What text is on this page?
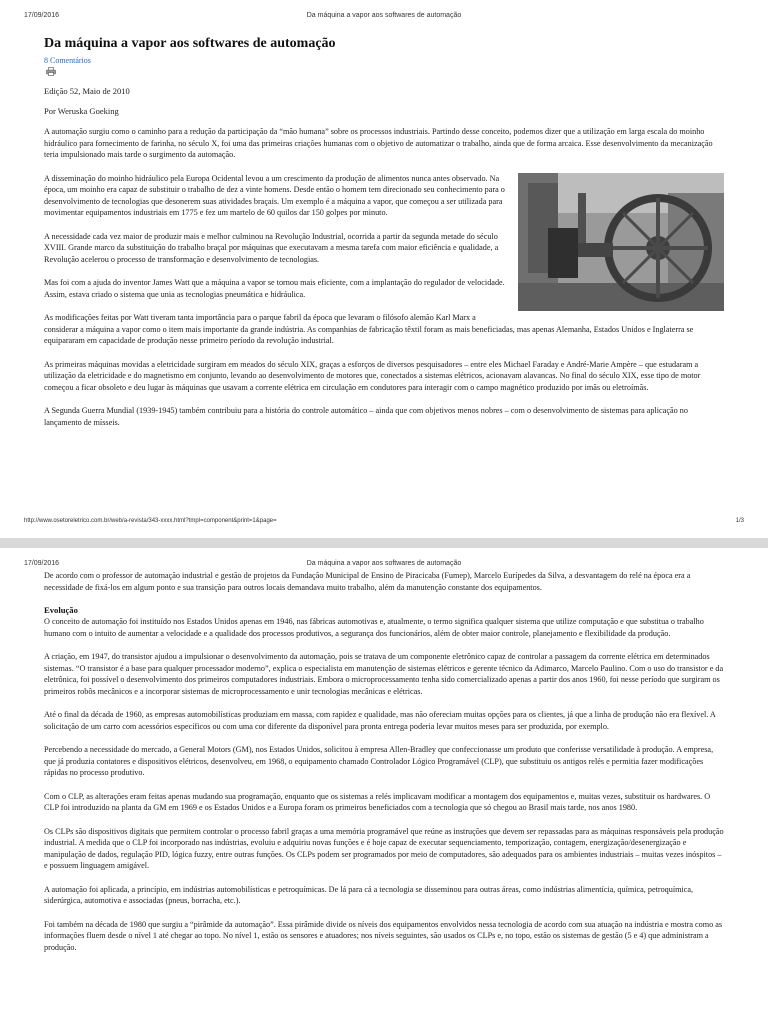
17/09/2016	Da máquina a vapor aos softwares de automação
Da máquina a vapor aos softwares de automação
8 Comentários
Edição 52, Maio de 2010
Por Weruska Goeking

A automação surgiu como o caminho para a redução da participação da “mão humana” sobre os processos industriais. Partindo desse conceito, podemos dizer que a utilização em larga escala do moinho hidráulico para fornecimento de farinha, no século X, foi uma das primeiras criações humanas com o objetivo de automatizar o trabalho, ainda que de forma arcaica. Esse desenvolvimento da mecanização teria impulsionado mais tarde o surgimento da automação.

A disseminação do moinho hidráulico pela Europa Ocidental levou a um crescimento da produção de alimentos nunca antes observado. Na época, um moinho era capaz de substituir o trabalho de dez a vinte homens. Desde então o homem tem direcionado seu conhecimento para o desenvolvimento de tecnologias que desonerem suas atividades braçais. Um exemplo é a máquina a vapor, que começou a ser utilizada para movimentar equipamentos industriais em 1775 e fez um martelo de 60 quilos dar 150 golpes por minuto.

A necessidade cada vez maior de produzir mais e melhor culminou na Revolução Industrial, ocorrida a partir da segunda metade do século XVIII. Grande marco da substituição do trabalho braçal por máquinas que executavam a mesma tarefa com maior eficiência e qualidade, a Revolução acelerou o processo de transformação e desenvolvimento de tecnologias.

Mas foi com a ajuda do inventor James Watt que a máquina a vapor se tornou mais eficiente, com a implantação do regulador de velocidade. Assim, estava criado o sistema que unia as tecnologias pneumática e hidráulica.

As modificações feitas por Watt tiveram tanta importância para o parque fabril da época que levaram o filósofo alemão Karl Marx a considerar a máquina a vapor como o item mais importante da grande indústria. As companhias de fabricação têxtil foram as mais beneficiadas, mas apenas Alemanha, Estados Unidos e Inglaterra se equipararam em capacidade de produção nesse primeiro período da revolução industrial.

As primeiras máquinas movidas a eletricidade surgiram em meados do século XIX, graças a esforços de diversos pesquisadores – entre eles Michael Faraday e André-Marie Ampère – que estudaram a utilização da eletricidade e do magnetismo em conjunto, levando ao desenvolvimento de motores que, conectados a sistemas elétricos, acionavam alavancas. No final do século XIX, esse tipo de motor começou a ficar obsoleto e deu lugar às máquinas que usavam a corrente elétrica em circulação em condutores para interagir com o campo magnético produzido por imãs ou eletroímãs.

A Segunda Guerra Mundial (1939-1945) também contribuiu para a história do controle automático – ainda que com objetivos menos nobres – com o desenvolvimento de sistemas para aplicação no lançamento de mísseis.

http://www.osetoreletrico.com.br/web/a-revista/343-xxxx.html?tmpl=component&print=1&page=	1/3
17/09/2016	Da máquina a vapor aos softwares de automação

De acordo com o professor de automação industrial e gestão de projetos da Fundação Municipal de Ensino de Piracicaba (Fumep), Marcelo Eurípedes da Silva, a desvantagem do relé na época era a necessidade de fixá-los em algum ponto e sua transição para outros locais demandava muito trabalho, além da manutenção constante dos equipamentos.

Evolução

O conceito de automação foi instituído nos Estados Unidos apenas em 1946, nas fábricas automotivas e, atualmente, o termo significa qualquer sistema que utilize computação e que substitua o trabalho humano com o intuito de aumentar a velocidade e a qualidade dos processos produtivos, a segurança dos funcionários, além de obter maior controle, planejamento e flexibilidade da produção.

A criação, em 1947, do transistor ajudou a impulsionar o desenvolvimento da automação, pois se tratava de um componente eletrônico capaz de controlar a passagem da corrente elétrica em determinados sistemas. “O transistor é a base para qualquer processador moderno”, explica o especialista em manutenção de sistemas elétricos e gerente técnico da Adimarco, Marcelo Paulino. Com o uso do transistor e da eletrônica, foi possível o desenvolvimento dos primeiros computadores industriais. Embora o microprocessamento tenha sido comercializado apenas a partir dos anos 1960, foi nesse período que surgiram os primeiros robôs mecânicos e a incorporar sistemas de microprocessamento e unir tecnologias mecânicas e elétricas.

Até o final da década de 1960, as empresas automobilísticas produziam em massa, com rapidez e qualidade, mas não ofereciam muitas opções para os clientes, já que a linha de produção não era flexível. A solicitação de um carro com acessórios específicos ou com uma cor diferente da disponível para pronta entrega poderia levar muitos meses para ser produzida, por exemplo.

Percebendo a necessidade do mercado, a General Motors (GM), nos Estados Unidos, solicitou à empresa Allen-Bradley que confeccionasse um produto que conferisse versatilidade à produção. A empresa, que já produzia contatores e dispositivos elétricos, desenvolveu, em 1968, o equipamento chamado Controlador Lógico Programável (CLP), que substituiu os antigos relés e permitia fazer modificações rápidas no processo produtivo.

Com o CLP, as alterações eram feitas apenas mudando sua programação, enquanto que os sistemas a relés implicavam modificar a montagem dos equipamentos e, muitas vezes, substituir os hardwares. O CLP foi introduzido na planta da GM em 1969 e os Estados Unidos e a Europa foram os primeiros beneficiados com a tecnologia que só chegou ao Brasil mais tarde, nos anos 1980.

Os CLPs são dispositivos digitais que permitem controlar o processo fabril graças a uma memória programável que reúne as instruções que devem ser repassadas para as máquinas responsáveis pela produção industrial. A medida que o CLP foi incorporado nas indústrias, evoluiu e adquiriu novas funções e é hoje capaz de executar sequenciamento, temporização, contagem, energização/desenergização e manipulação de dados, regulação PID, lógica fuzzy, entre outras funções. Os CLPs podem ser programados por meio de computadores, são adequados para os ambientes industriais – muitas vezes inóspitos – e possuem linguagem amigável.

A automação foi aplicada, a princípio, em indústrias automobilísticas e petroquímicas. De lá para cá a tecnologia se disseminou para outras áreas, como indústrias alimentícia, química, petroquímica, siderúrgica, automotiva e associadas (pneus, borracha, etc.).

Foi também na década de 1980 que surgiu a “pirâmide da automação”. Essa pirâmide divide os níveis dos equipamentos envolvidos nessa tecnologia de acordo com sua atuação na indústria e mostra como as informações fluem desde o nível 1 até chegar ao topo. No nível 1, estão os sensores e atuadores; nos níveis seguintes, são usados os CLPs e, no topo, estão os sistemas de gestão (5 e 4) que administram a produção.
